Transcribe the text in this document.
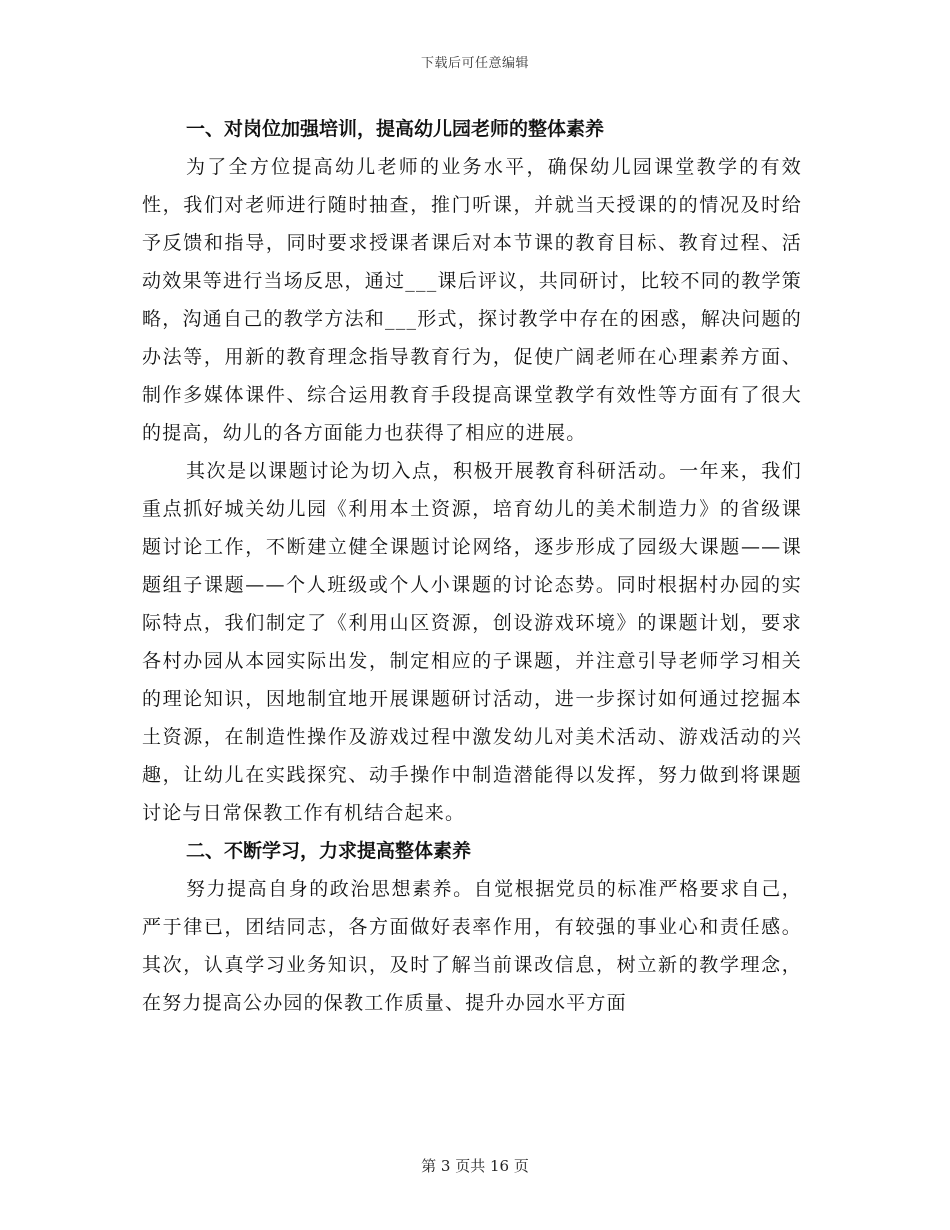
下载后可任意编辑

一、对岗位加强培训，提高幼儿园老师的整体素养

为了全方位提高幼儿老师的业务水平，确保幼儿园课堂教学的有效性，我们对老师进行随时抽查，推门听课，并就当天授课的的情况及时给予反馈和指导，同时要求授课者课后对本节课的教育目标、教育过程、活动效果等进行当场反思，通过___课后评议，共同研讨，比较不同的教学策略，沟通自己的教学方法和___形式，探讨教学中存在的困惑，解决问题的办法等，用新的教育理念指导教育行为，促使广阔老师在心理素养方面、制作多媒体课件、综合运用教育手段提高课堂教学有效性等方面有了很大的提高，幼儿的各方面能力也获得了相应的进展。

其次是以课题讨论为切入点，积极开展教育科研活动。一年来，我们重点抓好城关幼儿园《利用本土资源，培育幼儿的美术制造力》的省级课题讨论工作，不断建立健全课题讨论网络，逐步形成了园级大课题——课题组子课题——个人班级或个人小课题的讨论态势。同时根据村办园的实际特点，我们制定了《利用山区资源，创设游戏环境》的课题计划，要求各村办园从本园实际出发，制定相应的子课题，并注意引导老师学习相关的理论知识，因地制宜地开展课题研讨活动，进一步探讨如何通过挖掘本土资源，在制造性操作及游戏过程中激发幼儿对美术活动、游戏活动的兴趣，让幼儿在实践探究、动手操作中制造潜能得以发挥，努力做到将课题讨论与日常保教工作有机结合起来。

二、不断学习，力求提高整体素养

努力提高自身的政治思想素养。自觉根据党员的标准严格要求自己，严于律已，团结同志，各方面做好表率作用，有较强的事业心和责任感。其次，认真学习业务知识，及时了解当前课改信息，树立新的教学理念，在努力提高公办园的保教工作质量、提升办园水平方面

第 3 页共 16 页
